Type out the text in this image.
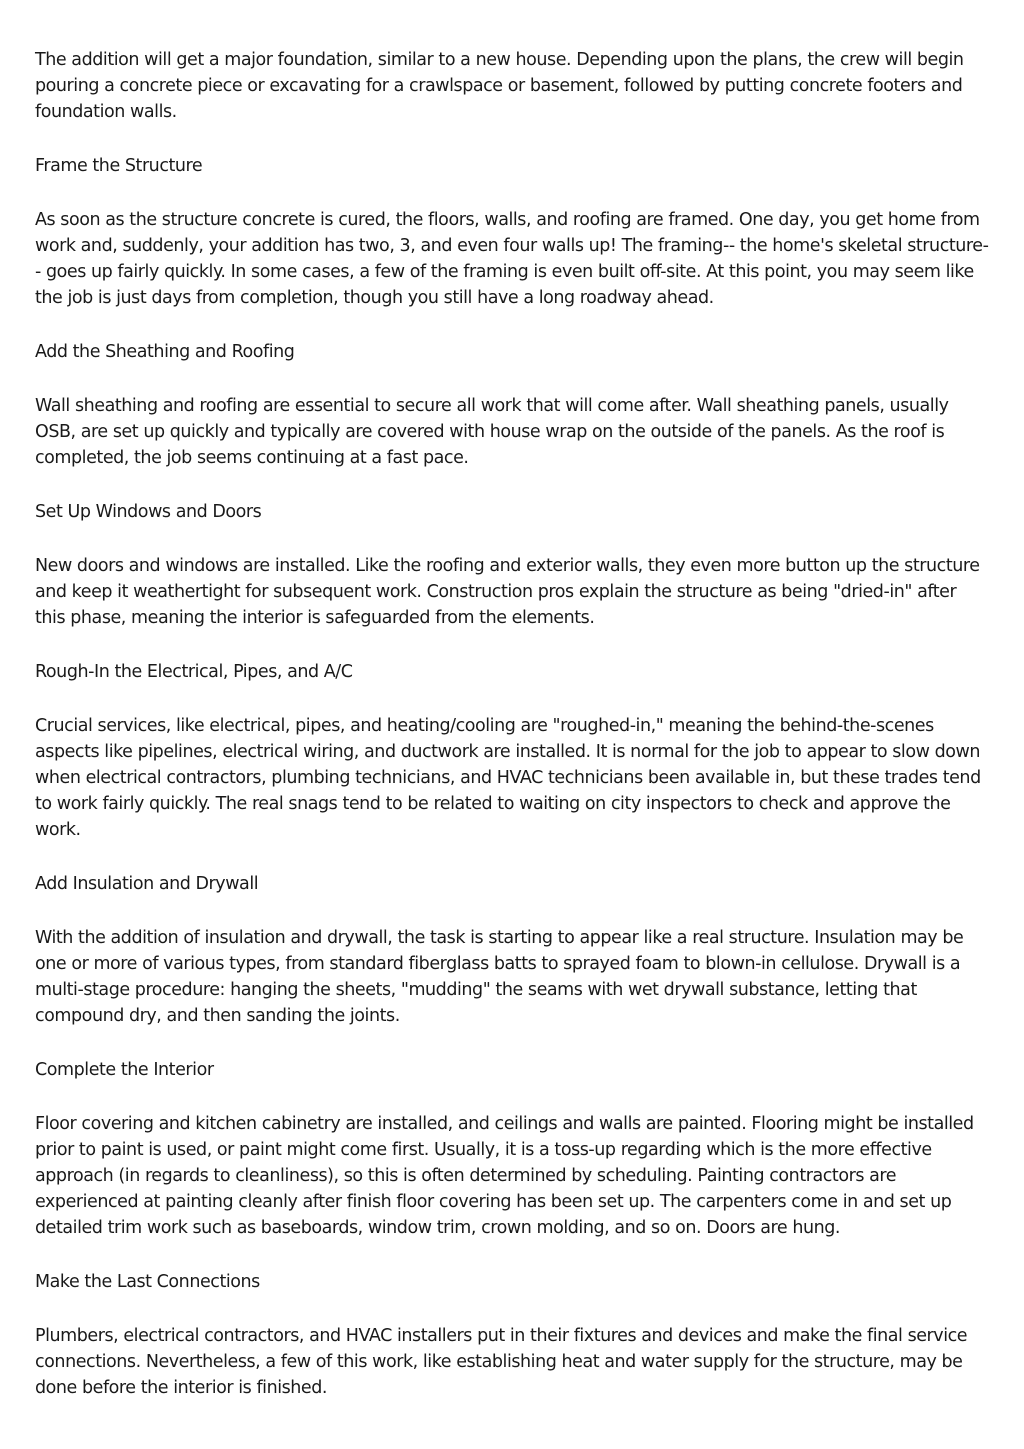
The addition will get a major foundation, similar to a new house. Depending upon the plans, the crew will begin pouring a concrete piece or excavating for a crawlspace or basement, followed by putting concrete footers and foundation walls.

Frame the Structure

As soon as the structure concrete is cured, the floors, walls, and roofing are framed. One day, you get home from work and, suddenly, your addition has two, 3, and even four walls up! The framing-- the home's skeletal structure-- goes up fairly quickly. In some cases, a few of the framing is even built off-site. At this point, you may seem like the job is just days from completion, though you still have a long roadway ahead.

Add the Sheathing and Roofing

Wall sheathing and roofing are essential to secure all work that will come after. Wall sheathing panels, usually OSB, are set up quickly and typically are covered with house wrap on the outside of the panels. As the roof is completed, the job seems continuing at a fast pace.

Set Up Windows and Doors

New doors and windows are installed. Like the roofing and exterior walls, they even more button up the structure and keep it weathertight for subsequent work. Construction pros explain the structure as being "dried-in" after this phase, meaning the interior is safeguarded from the elements.

Rough-In the Electrical, Pipes, and A/C

Crucial services, like electrical, pipes, and heating/cooling are "roughed-in," meaning the behind-the-scenes aspects like pipelines, electrical wiring, and ductwork are installed. It is normal for the job to appear to slow down when electrical contractors, plumbing technicians, and HVAC technicians been available in, but these trades tend to work fairly quickly. The real snags tend to be related to waiting on city inspectors to check and approve the work.

Add Insulation and Drywall

With the addition of insulation and drywall, the task is starting to appear like a real structure. Insulation may be one or more of various types, from standard fiberglass batts to sprayed foam to blown-in cellulose. Drywall is a multi-stage procedure: hanging the sheets, "mudding" the seams with wet drywall substance, letting that compound dry, and then sanding the joints.

Complete the Interior

Floor covering and kitchen cabinetry are installed, and ceilings and walls are painted. Flooring might be installed prior to paint is used, or paint might come first. Usually, it is a toss-up regarding which is the more effective approach (in regards to cleanliness), so this is often determined by scheduling. Painting contractors are experienced at painting cleanly after finish floor covering has been set up. The carpenters come in and set up detailed trim work such as baseboards, window trim, crown molding, and so on. Doors are hung.

Make the Last Connections

Plumbers, electrical contractors, and HVAC installers put in their fixtures and devices and make the final service connections. Nevertheless, a few of this work, like establishing heat and water supply for the structure, may be done before the interior is finished.
